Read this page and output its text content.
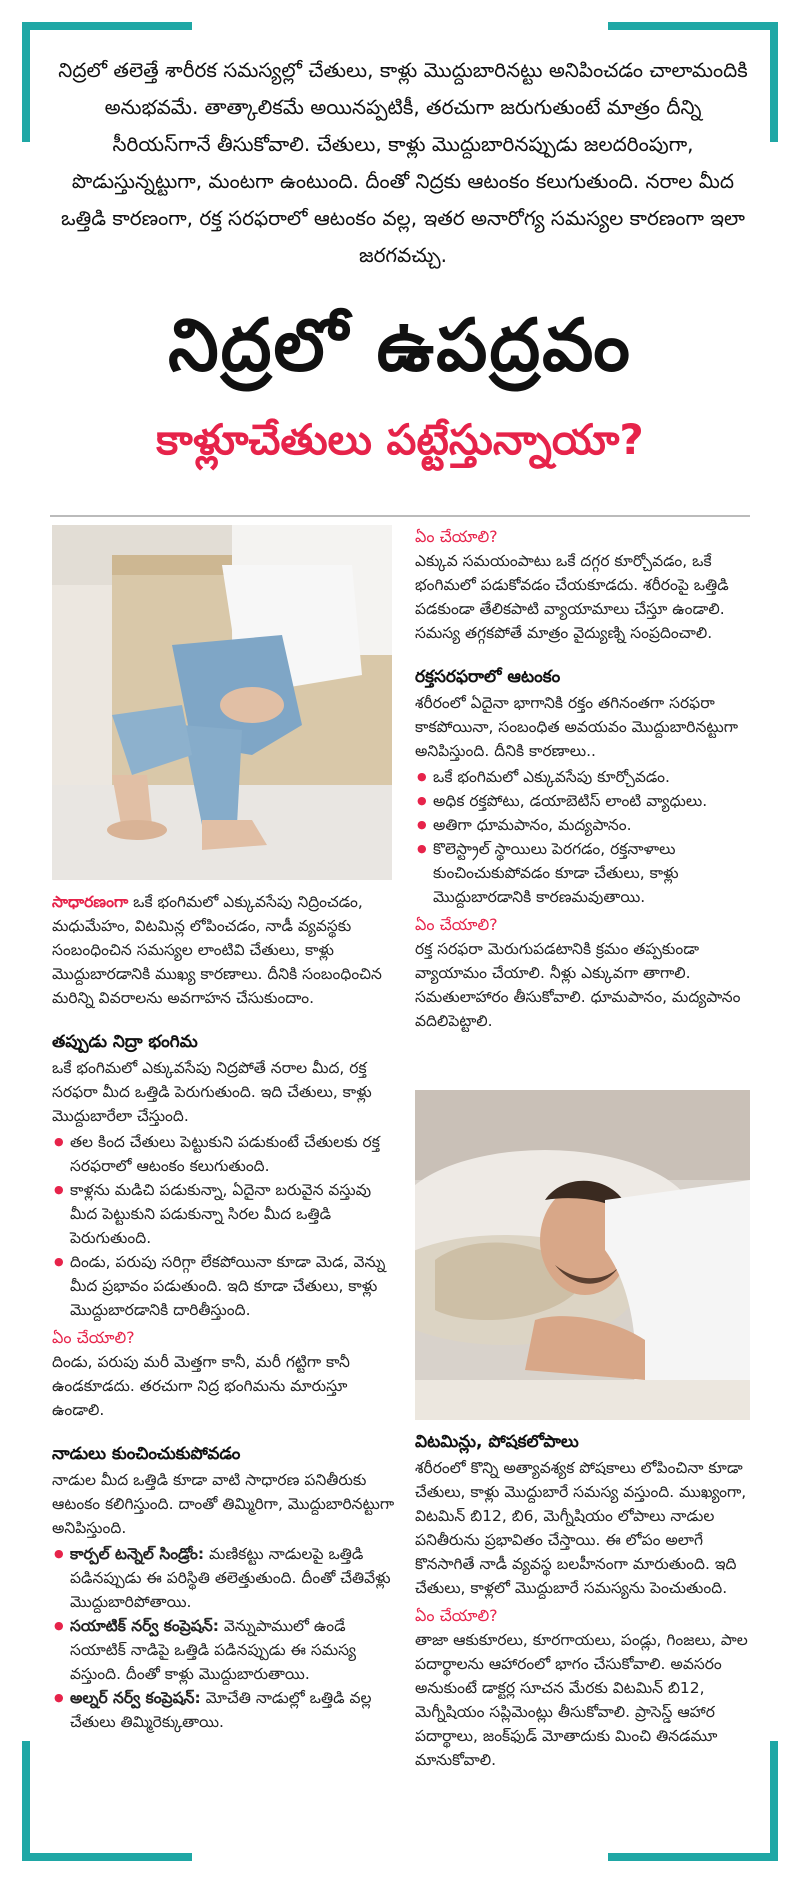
నిద్రలో తలెత్తే శారీరక సమస్యల్లో చేతులు, కాళ్లు మొద్దుబారినట్టు అనిపించడం చాలామందికి అనుభవమే. తాత్కాలికమే అయినప్పటికీ, తరచుగా జరుగుతుంటే మాత్రం దీన్ని సీరియస్‌గానే తీసుకోవాలి. చేతులు, కాళ్లు మొద్దుబారినప్పుడు జలదరింపుగా, పొడుస్తున్నట్టుగా, మంటగా ఉంటుంది. దీంతో నిద్రకు ఆటంకం కలుగుతుంది. నరాల మీద ఒత్తిడి కారణంగా, రక్త సరఫరాలో ఆటంకం వల్ల, ఇతర అనారోగ్య సమస్యల కారణంగా ఇలా జరగవచ్చు.
నిద్రలో ఉపద్రవం
కాళ్లూచేతులు పట్టేస్తున్నాయా?

సాధారణంగా ఒకే భంగిమలో ఎక్కువసేపు నిద్రించడం, మధుమేహం, విటమిన్ల లోపించడం, నాడీ వ్యవస్థకు సంబంధించిన సమస్యల లాంటివి చేతులు, కాళ్లు మొద్దుబారడానికి ముఖ్య కారణాలు. దీనికి సంబంధించిన మరిన్ని వివరాలను అవగాహన చేసుకుందాం.

తప్పుడు నిద్రా భంగిమ

ఒకే భంగిమలో ఎక్కువసేపు నిద్రపోతే నరాల మీద, రక్త సరఫరా మీద ఒత్తిడి పెరుగుతుంది. ఇది చేతులు, కాళ్లు మొద్దుబారేలా చేస్తుంది.

● తల కింద చేతులు పెట్టుకుని పడుకుంటే చేతులకు రక్త సరఫరాలో ఆటంకం కలుగుతుంది.
● కాళ్లను మడిచి పడుకున్నా, ఏదైనా బరువైన వస్తువు మీద పెట్టుకుని పడుకున్నా సిరల మీద ఒత్తిడి పెరుగుతుంది.
● దిండు, పరుపు సరిగ్గా లేకపోయినా కూడా మెడ, వెన్ను మీద ప్రభావం పడుతుంది. ఇది కూడా చేతులు, కాళ్లు మొద్దుబారడానికి దారితీస్తుంది.
ఏం చేయాలి?

దిండు, పరుపు మరీ మెత్తగా కానీ, మరీ గట్టిగా కానీ ఉండకూడదు. తరచుగా నిద్ర భంగిమను మారుస్తూ ఉండాలి.

నాడులు కుంచించుకుపోవడం

నాడుల మీద ఒత్తిడి కూడా వాటి సాధారణ పనితీరుకు ఆటంకం కలిగిస్తుంది. దాంతో తిమ్మిరిగా, మొద్దుబారినట్టుగా అనిపిస్తుంది.

● కార్పల్ టన్నెల్ సిండ్రోం: మణికట్టు నాడులపై ఒత్తిడి పడినప్పుడు ఈ పరిస్థితి తలెత్తుతుంది. దీంతో చేతివేళ్లు మొద్దుబారిపోతాయి.
● సయాటిక్ నర్వ్ కంప్రెషన్: వెన్నుపాములో ఉండే సయాటిక్ నాడిపై ఒత్తిడి పడినప్పుడు ఈ సమస్య వస్తుంది. దీంతో కాళ్లు మొద్దుబారుతాయి.
● అల్నర్ నర్వ్ కంప్రెషన్: మోచేతి నాడుల్లో ఒత్తిడి వల్ల చేతులు తిమ్మిరెక్కుతాయి.
ఏం చేయాలి?

ఎక్కువ సమయంపాటు ఒకే దగ్గర కూర్చోవడం, ఒకే భంగిమలో పడుకోవడం చేయకూడదు. శరీరంపై ఒత్తిడి పడకుండా తేలికపాటి వ్యాయామాలు చేస్తూ ఉండాలి. సమస్య తగ్గకపోతే మాత్రం వైద్యుణ్ని సంప్రదించాలి.

రక్తసరఫరాలో ఆటంకం

శరీరంలో ఏదైనా భాగానికి రక్తం తగినంతగా సరఫరా కాకపోయినా, సంబంధిత అవయవం మొద్దుబారినట్టుగా అనిపిస్తుంది. దీనికి కారణాలు..

● ఒకే భంగిమలో ఎక్కువసేపు కూర్చోవడం.
● అధిక రక్తపోటు, డయాబెటిస్ లాంటి వ్యాధులు.
● అతిగా ధూమపానం, మద్యపానం.
● కొలెస్ట్రాల్ స్థాయిలు పెరగడం, రక్తనాళాలు కుంచించుకుపోవడం కూడా చేతులు, కాళ్లు మొద్దుబారడానికి కారణమవుతాయి.
ఏం చేయాలి?

రక్త సరఫరా మెరుగుపడటానికి క్రమం తప్పకుండా వ్యాయామం చేయాలి. నీళ్లు ఎక్కువగా తాగాలి. సమతులాహారం తీసుకోవాలి. ధూమపానం, మద్యపానం వదిలిపెట్టాలి.

విటమిన్లు, పోషకలోపాలు

శరీరంలో కొన్ని అత్యావశ్యక పోషకాలు లోపించినా కూడా చేతులు, కాళ్లు మొద్దుబారే సమస్య వస్తుంది. ముఖ్యంగా, విటమిన్ బి12, బి6, మెగ్నీషియం లోపాలు నాడుల పనితీరును ప్రభావితం చేస్తాయి. ఈ లోపం అలాగే కొనసాగితే నాడీ వ్యవస్థ బలహీనంగా మారుతుంది. ఇది చేతులు, కాళ్లలో మొద్దుబారే సమస్యను పెంచుతుంది.

ఏం చేయాలి?

తాజా ఆకుకూరలు, కూరగాయలు, పండ్లు, గింజలు, పాల పదార్థాలను ఆహారంలో భాగం చేసుకోవాలి. అవసరం అనుకుంటే డాక్టర్ల సూచన మేరకు విటమిన్ బి12, మెగ్నీషియం సప్లిమెంట్లు తీసుకోవాలి. ప్రాసెస్డ్ ఆహార పదార్థాలు, జంక్‌ఫుడ్ మోతాదుకు మించి తినడమూ మానుకోవాలి.
